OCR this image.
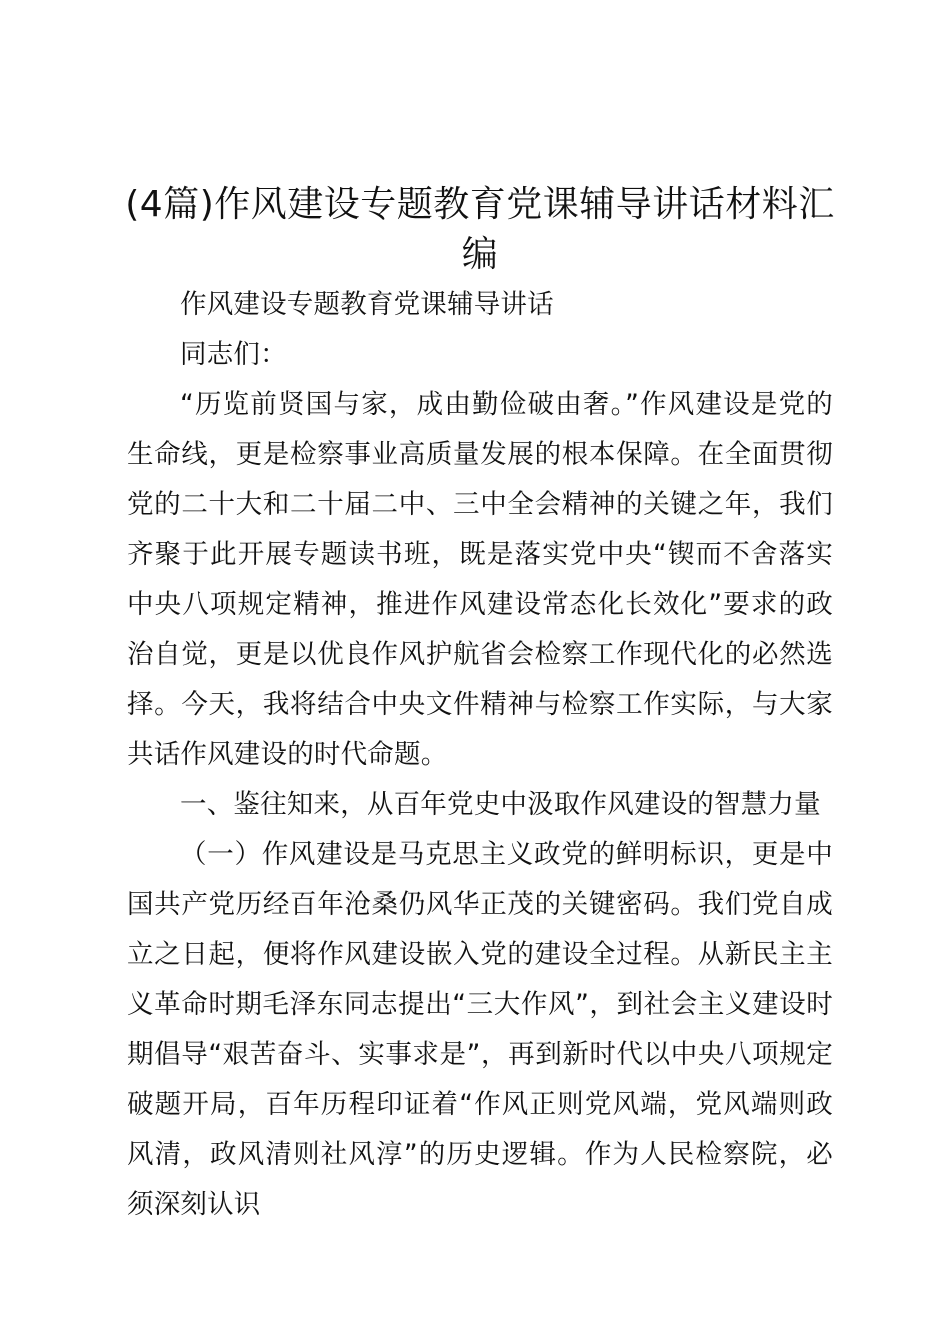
(4篇)作风建设专题教育党课辅导讲话材料汇编

作风建设专题教育党课辅导讲话

同志们：

“历览前贤国与家，成由勤俭破由奢。”作风建设是党的生命线，更是检察事业高质量发展的根本保障。在全面贯彻党的二十大和二十届二中、三中全会精神的关键之年，我们齐聚于此开展专题读书班，既是落实党中央“锲而不舍落实中央八项规定精神，推进作风建设常态化长效化”要求的政治自觉，更是以优良作风护航省会检察工作现代化的必然选择。今天，我将结合中央文件精神与检察工作实际，与大家共话作风建设的时代命题。

一、鉴往知来，从百年党史中汲取作风建设的智慧力量

（一）作风建设是马克思主义政党的鲜明标识，更是中国共产党历经百年沧桑仍风华正茂的关键密码。我们党自成立之日起，便将作风建设嵌入党的建设全过程。从新民主主义革命时期毛泽东同志提出“三大作风”，到社会主义建设时期倡导“艰苦奋斗、实事求是”，再到新时代以中央八项规定破题开局，百年历程印证着“作风正则党风端，党风端则政风清，政风清则社风淳”的历史逻辑。作为人民检察院，必须深刻认识
